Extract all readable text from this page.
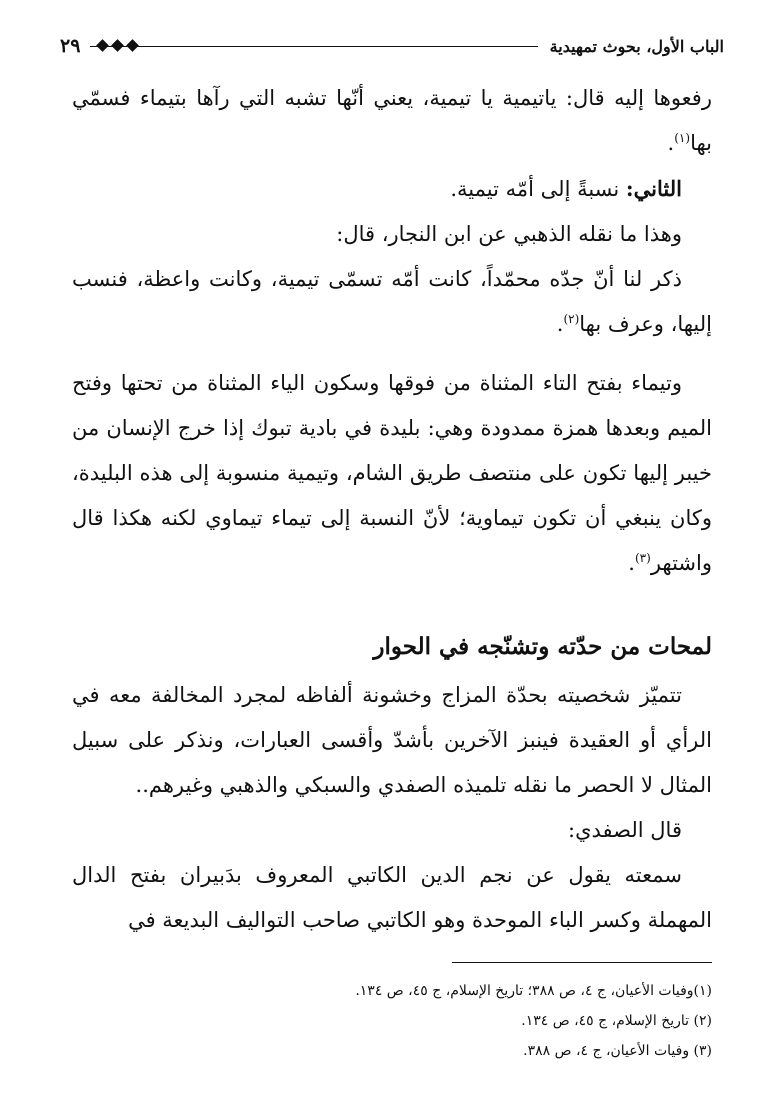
٢٩	الباب الأول، بحوث تمهيدية

رفعوها إليه قال: ياتيمية يا تيمية، يعني أنّها تشبه التي رآها بتيماء فسمّي بها$^{(١)}$.

الثاني: نسبةً إلى أمّه تيمية.

وهذا ما نقله الذهبي عن ابن النجار، قال:

ذكر لنا أنّ جدّه محمّداً، كانت أمّه تسمّى تيمية، وكانت واعظة، فنسب إليها، وعرف بها$^{(٢)}$.

وتيماء بفتح التاء المثناة من فوقها وسكون الياء المثناة من تحتها وفتح الميم وبعدها همزة ممدودة وهي: بليدة في بادية تبوك إذا خرج الإنسان من خيبر إليها تكون على منتصف طريق الشام، وتيمية منسوبة إلى هذه البليدة، وكان ينبغي أن تكون تيماوية؛ لأنّ النسبة إلى تيماء تيماوي لكنه هكذا قال واشتهر$^{(٣)}$.

لمحات من حدّته وتشنّجه في الحوار

تتميّز شخصيته بحدّة المزاج وخشونة ألفاظه لمجرد المخالفة معه في الرأي أو العقيدة فينبز الآخرين بأشدّ وأقسى العبارات، ونذكر على سبيل المثال لا الحصر ما نقله تلميذه الصفدي والسبكي والذهبي وغيرهم..

قال الصفدي:

سمعته يقول عن نجم الدين الكاتبي المعروف بدَبيران بفتح الدال المهملة وكسر الباء الموحدة وهو الكاتبي صاحب التواليف البديعة في

(١)وفيات الأعيان، ج ٤، ص ٣٨٨؛ تاريخ الإسلام، ج ٤٥، ص ١٣٤.
(٢) تاريخ الإسلام، ج ٤٥، ص ١٣٤.
(٣) وفيات الأعيان، ج ٤، ص ٣٨٨.
